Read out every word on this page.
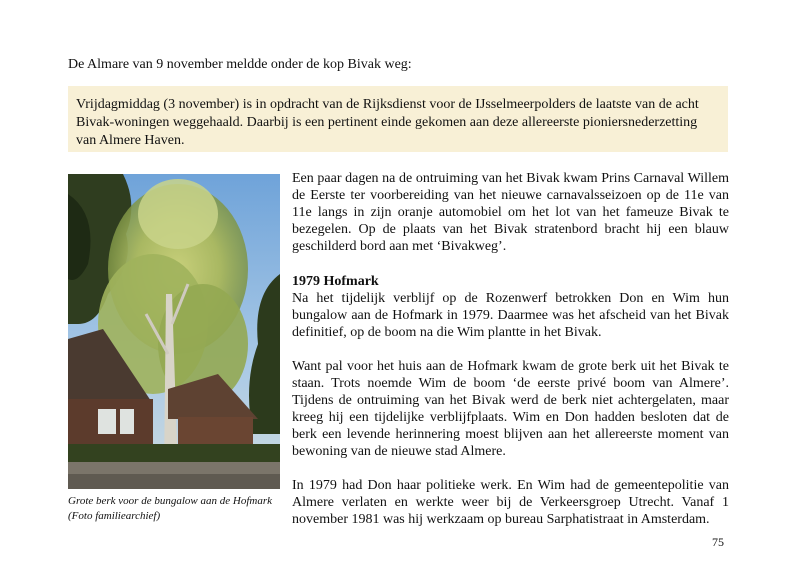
De Almare van 9 november meldde onder de kop Bivak weg:
Vrijdagmiddag (3 november) is in opdracht van de Rijksdienst voor de IJsselmeerpolders de laatste van de acht Bivak-woningen weggehaald. Daarbij is een pertinent einde gekomen aan deze allereerste pioniersnederzetting van Almere Haven.
Grote berk voor de bungalow aan de Hofmark
(Foto familiearchief)

Een paar dagen na de ontruiming van het Bivak kwam Prins Carnaval Willem de Eerste ter voorbereiding van het nieuwe carnavalsseizoen op de 11e van 11e langs in zijn oranje automobiel om het lot van het fameuze Bivak te bezegelen. Op de plaats van het Bivak stratenbord bracht hij een blauw geschilderd bord aan met ‘Bivakweg’.

1979 Hofmark

Na het tijdelijk verblijf op de Rozenwerf betrokken Don en Wim hun bungalow aan de Hofmark in 1979. Daarmee was het afscheid van het Bivak definitief, op de boom na die Wim plantte in het Bivak.

Want pal voor het huis aan de Hofmark kwam de grote berk uit het Bivak te staan. Trots noemde Wim de boom ‘de eerste privé boom van Almere’. Tijdens de ontruiming van het Bivak werd de berk niet achtergelaten, maar kreeg hij een tijdelijke verblijfplaats. Wim en Don hadden besloten dat de berk een levende herinnering moest blijven aan het allereerste moment van bewoning van de nieuwe stad Almere.

In 1979 had Don haar politieke werk. En Wim had de gemeentepolitie van Almere verlaten en werkte weer bij de Verkeersgroep Utrecht. Vanaf 1 november 1981 was hij werkzaam op bureau Sarphatistraat in Amsterdam.

75
